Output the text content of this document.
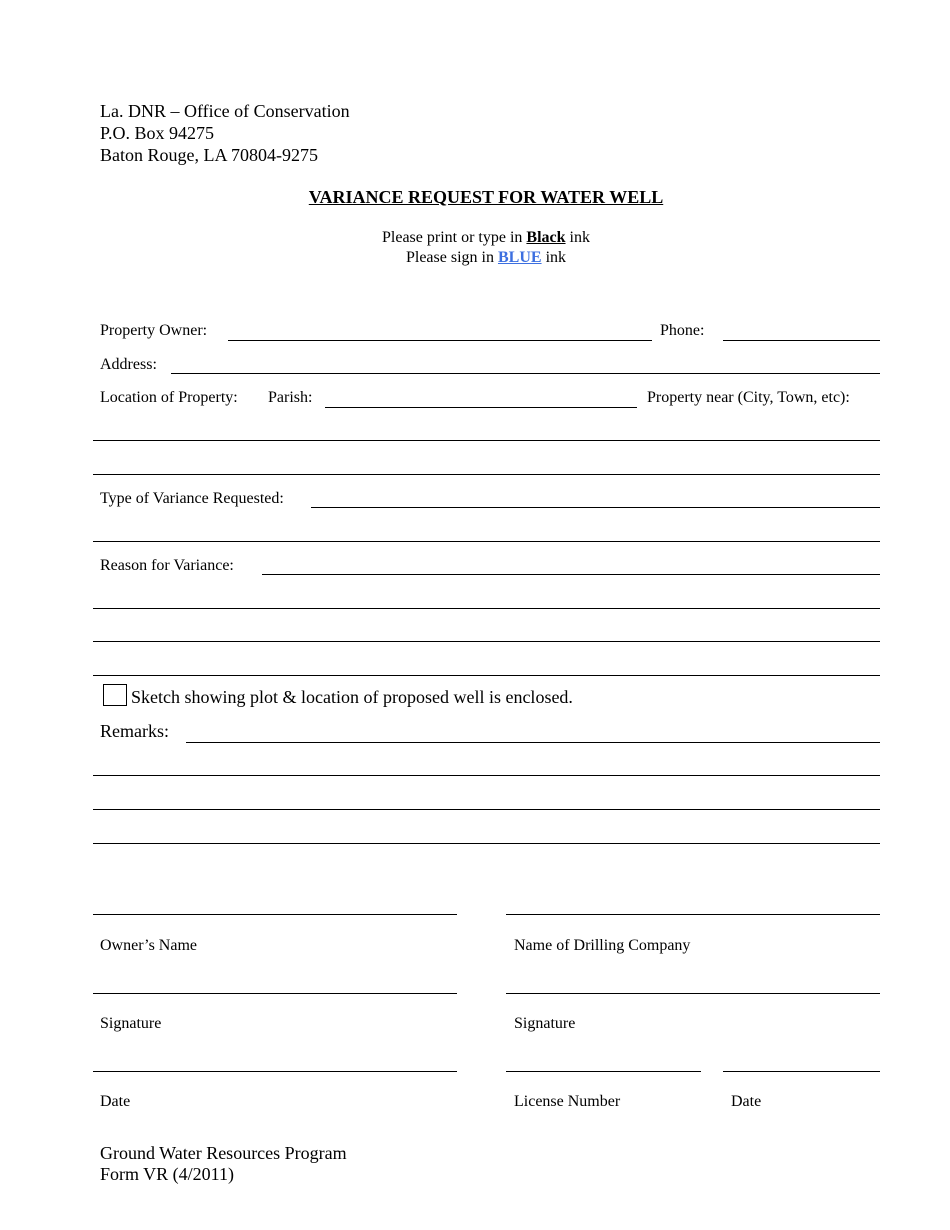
La. DNR – Office of Conservation
P.O. Box 94275
Baton Rouge, LA 70804-9275
VARIANCE REQUEST FOR WATER WELL
Please print or type in Black ink
Please sign in BLUE ink
Property Owner:	Phone:
Address:
Location of Property: Parish:	Property near (City, Town, etc):
Type of Variance Requested:
Reason for Variance:
Sketch showing plot & location of proposed well is enclosed.
Remarks:
Owner’s Name	Name of Drilling Company
Signature	Signature
Date	License Number	Date
Ground Water Resources Program
Form VR (4/2011)
